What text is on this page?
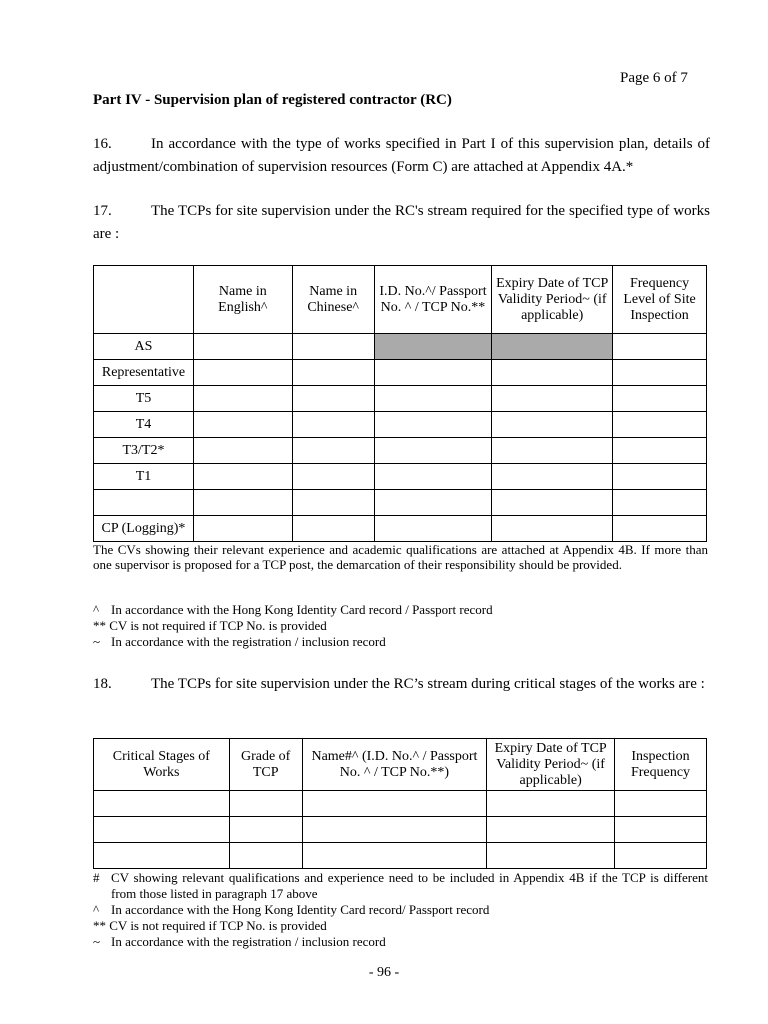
Page 6 of 7
Part IV - Supervision plan of registered contractor (RC)
16.	In accordance with the type of works specified in Part I of this supervision plan, details of adjustment/combination of supervision resources (Form C) are attached at Appendix 4A.*
17.	The TCPs for site supervision under the RC's stream required for the specified type of works are :
	Name in English^	Name in Chinese^	I.D. No.^/ Passport No. ^ / TCP No.**	Expiry Date of TCP Validity Period~ (if applicable)	Frequency Level of Site Inspection
AS					
Representative					
T5					
T4					
T3/T2*					
T1					

CP (Logging)*					
The CVs showing their relevant experience and academic qualifications are attached at Appendix 4B. If more than one supervisor is proposed for a TCP post, the demarcation of their responsibility should be provided.
^ In accordance with the Hong Kong Identity Card record / Passport record
** CV is not required if TCP No. is provided
~ In accordance with the registration / inclusion record
18.	The TCPs for site supervision under the RC’s stream during critical stages of the works are :
Critical Stages of Works	Grade of TCP	Name#^ (I.D. No.^ / Passport No. ^ / TCP No.**)	Expiry Date of TCP Validity Period~ (if applicable)	Inspection Frequency

# CV showing relevant qualifications and experience need to be included in Appendix 4B if the TCP is different from those listed in paragraph 17 above
^ In accordance with the Hong Kong Identity Card record/ Passport record
** CV is not required if TCP No. is provided
~ In accordance with the registration / inclusion record
- 96 -
